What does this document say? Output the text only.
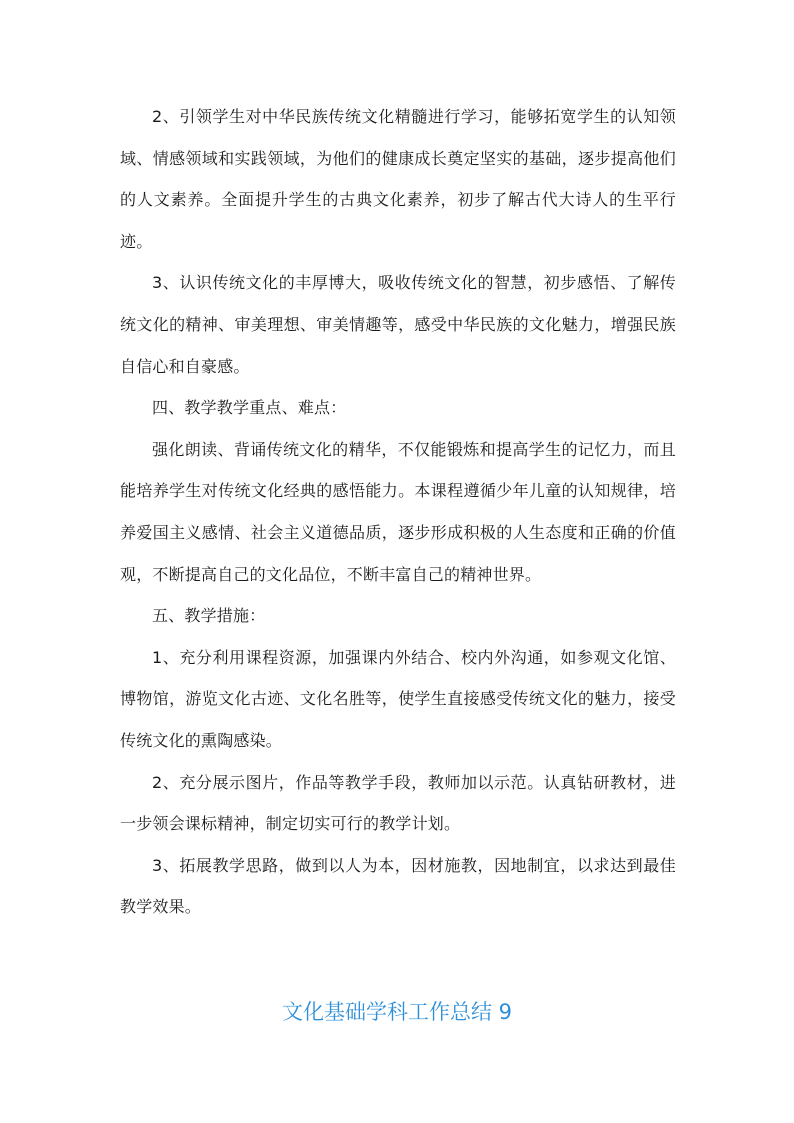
2、引领学生对中华民族传统文化精髓进行学习，能够拓宽学生的认知领域、情感领域和实践领域，为他们的健康成长奠定坚实的基础，逐步提高他们的人文素养。全面提升学生的古典文化素养，初步了解古代大诗人的生平行迹。

3、认识传统文化的丰厚博大，吸收传统文化的智慧，初步感悟、了解传统文化的精神、审美理想、审美情趣等，感受中华民族的文化魅力，增强民族自信心和自豪感。

四、教学教学重点、难点：

强化朗读、背诵传统文化的精华，不仅能锻炼和提高学生的记忆力，而且能培养学生对传统文化经典的感悟能力。本课程遵循少年儿童的认知规律，培养爱国主义感情、社会主义道德品质，逐步形成积极的人生态度和正确的价值观，不断提高自己的文化品位，不断丰富自己的精神世界。

五、教学措施：

1、充分利用课程资源，加强课内外结合、校内外沟通，如参观文化馆、博物馆，游览文化古迹、文化名胜等，使学生直接感受传统文化的魅力，接受传统文化的熏陶感染。

2、充分展示图片，作品等教学手段，教师加以示范。认真钻研教材，进一步领会课标精神，制定切实可行的教学计划。

3、拓展教学思路，做到以人为本，因材施教，因地制宜，以求达到最佳教学效果。

文化基础学科工作总结 9
